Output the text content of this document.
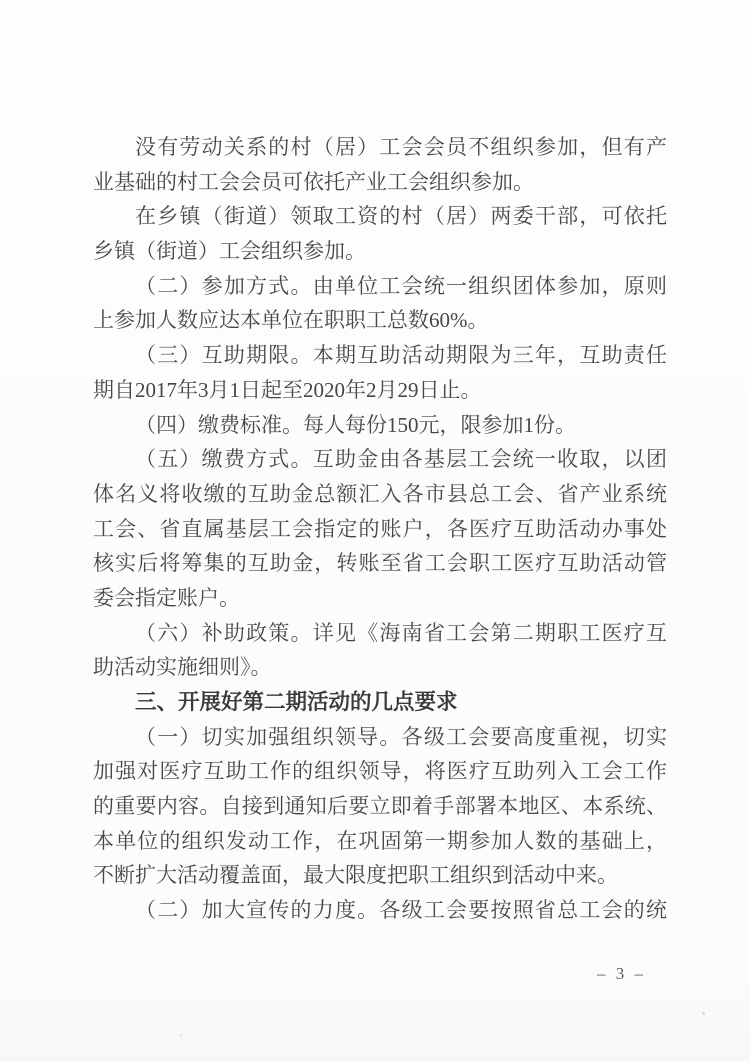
没有劳动关系的村（居）工会会员不组织参加，但有产
业基础的村工会会员可依托产业工会组织参加。
在乡镇（街道）领取工资的村（居）两委干部，可依托
乡镇（街道）工会组织参加。
（二）参加方式。由单位工会统一组织团体参加，原则
上参加人数应达本单位在职职工总数60%。
（三）互助期限。本期互助活动期限为三年，互助责任
期自2017年3月1日起至2020年2月29日止。
（四）缴费标准。每人每份150元，限参加1份。
（五）缴费方式。互助金由各基层工会统一收取，以团
体名义将收缴的互助金总额汇入各市县总工会、省产业系统
工会、省直属基层工会指定的账户，各医疗互助活动办事处
核实后将筹集的互助金，转账至省工会职工医疗互助活动管
委会指定账户。
（六）补助政策。详见《海南省工会第二期职工医疗互
助活动实施细则》。
三、开展好第二期活动的几点要求
（一）切实加强组织领导。各级工会要高度重视，切实
加强对医疗互助工作的组织领导，将医疗互助列入工会工作
的重要内容。自接到通知后要立即着手部署本地区、本系统、
本单位的组织发动工作，在巩固第一期参加人数的基础上，
不断扩大活动覆盖面，最大限度把职工组织到活动中来。
（二）加大宣传的力度。各级工会要按照省总工会的统
– 3 –
